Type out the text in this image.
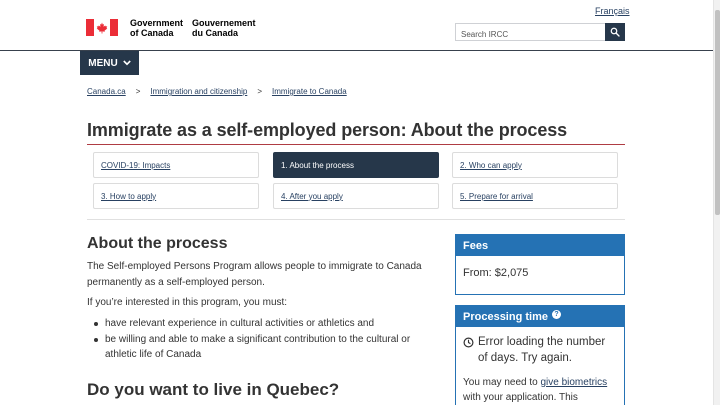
Français
Government
of Canada
Gouvernement
du Canada
Search IRCC
MENU
Canada.ca > Immigration and citizenship > Immigrate to Canada
Immigrate as a self-employed person: About the process
COVID-19: Impacts	1. About the process	2. Who can apply
3. How to apply	4. After you apply	5. Prepare for arrival
About the process

The Self-employed Persons Program allows people to immigrate to Canada
permanently as a self-employed person.

If you’re interested in this program, you must:

have relevant experience in cultural activities or athletics and
be willing and able to make a significant contribution to the cultural or athletic life of Canada
Do you want to live in Quebec?
Fees
From: $2,075
Processing time ?
Error loading the number
of days. Try again.
You may need to give biometrics
with your application. This
